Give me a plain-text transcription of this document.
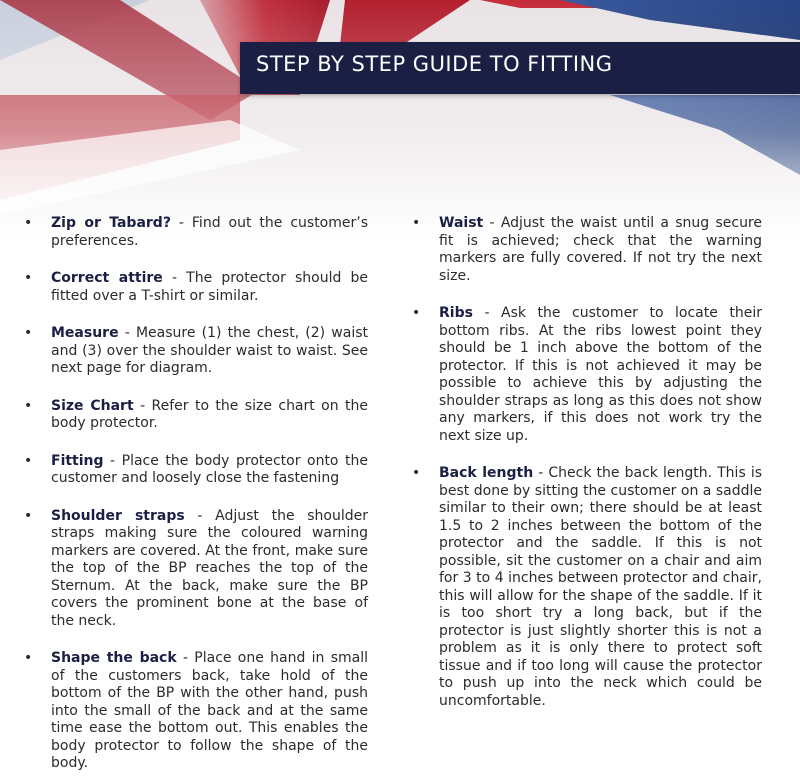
STEP BY STEP GUIDE TO FITTING
• Zip or Tabard? - Find out the customer’s preferences.
• Correct attire - The protector should be fitted over a T-shirt or similar.
• Measure - Measure (1) the chest, (2) waist and (3) over the shoulder waist to waist. See next page for diagram.
• Size Chart - Refer to the size chart on the body protector.
• Fitting - Place the body protector onto the customer and loosely close the fastening
• Shoulder straps - Adjust the shoulder straps making sure the coloured warning markers are covered. At the front, make sure the top of the BP reaches the top of the Sternum. At the back, make sure the BP covers the prominent bone at the base of the neck.
• Shape the back - Place one hand in small of the customers back, take hold of the bottom of the BP with the other hand, push into the small of the back and at the same time ease the bottom out. This enables the body protector to follow the shape of the body.
• Waist - Adjust the waist until a snug secure fit is achieved; check that the warning markers are fully covered. If not try the next size.
• Ribs - Ask the customer to locate their bottom ribs. At the ribs lowest point they should be 1 inch above the bottom of the protector. If this is not achieved it may be possible to achieve this by adjusting the shoulder straps as long as this does not show any markers, if this does not work try the next size up.
• Back length - Check the back length. This is best done by sitting the customer on a saddle similar to their own; there should be at least 1.5 to 2 inches between the bottom of the protector and the saddle. If this is not possible, sit the customer on a chair and aim for 3 to 4 inches between protector and chair, this will allow for the shape of the saddle. If it is too short try a long back, but if the protector is just slightly shorter this is not a problem as it is only there to protect soft tissue and if too long will cause the protector to push up into the neck which could be uncomfortable.
